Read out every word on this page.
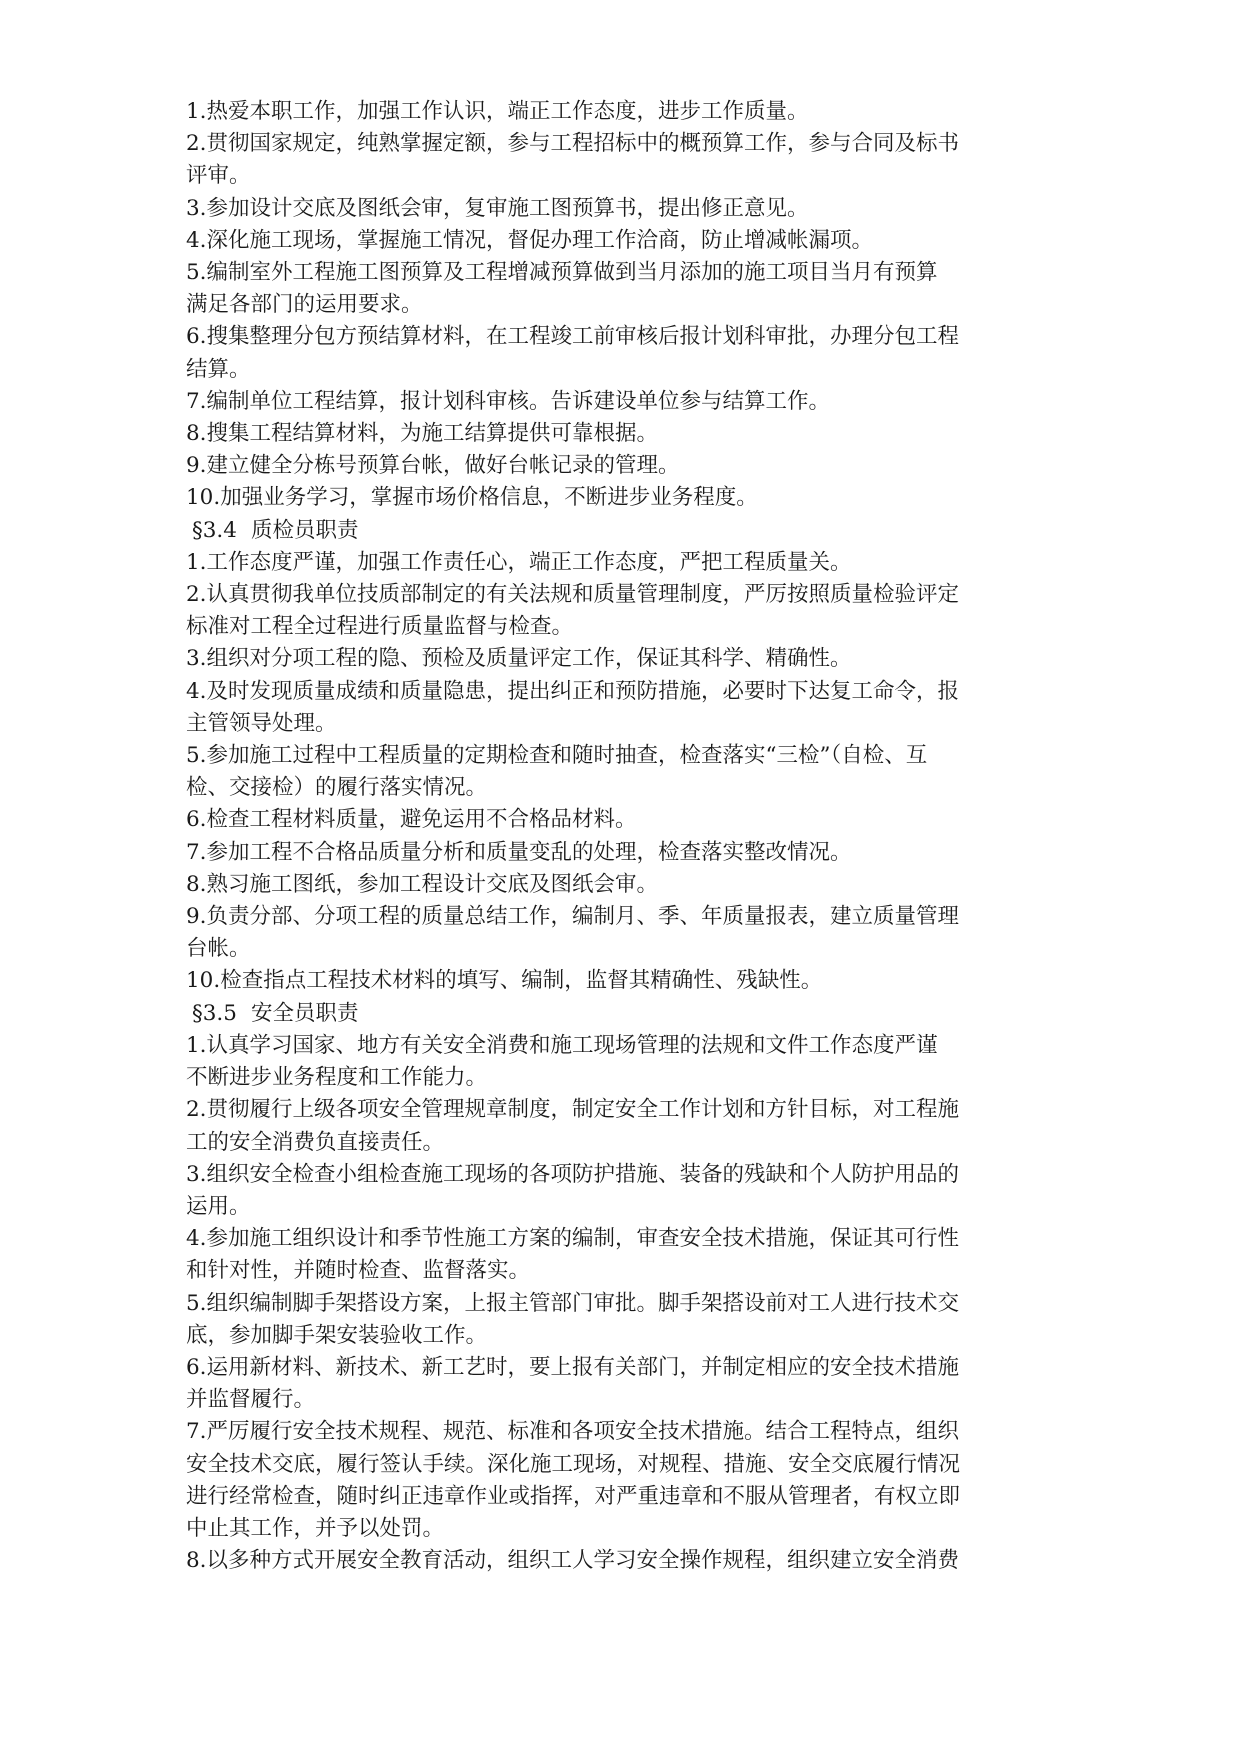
1.热爱本职工作，加强工作认识，端正工作态度，进步工作质量。

2.贯彻国家规定，纯熟掌握定额，参与工程招标中的概预算工作，参与合同及标书

评审。

3.参加设计交底及图纸会审，复审施工图预算书，提出修正意见。

4.深化施工现场，掌握施工情况，督促办理工作洽商，防止增减帐漏项。

5.编制室外工程施工图预算及工程增减预算做到当月添加的施工项目当月有预算

满足各部门的运用要求。

6.搜集整理分包方预结算材料，在工程竣工前审核后报计划科审批，办理分包工程

结算。

7.编制单位工程结算，报计划科审核。告诉建设单位参与结算工作。

8.搜集工程结算材料，为施工结算提供可靠根据。

9.建立健全分栋号预算台帐，做好台帐记录的管理。

10.加强业务学习，掌握市场价格信息，不断进步业务程度。

§3.4 质检员职责

1.工作态度严谨，加强工作责任心，端正工作态度，严把工程质量关。

2.认真贯彻我单位技质部制定的有关法规和质量管理制度，严厉按照质量检验评定

标准对工程全过程进行质量监督与检查。

3.组织对分项工程的隐、预检及质量评定工作，保证其科学、精确性。

4.及时发现质量成绩和质量隐患，提出纠正和预防措施，必要时下达复工命令，报

主管领导处理。

5.参加施工过程中工程质量的定期检查和随时抽查，检查落实“三检”（自检、互

检、交接检）的履行落实情况。

6.检查工程材料质量，避免运用不合格品材料。

7.参加工程不合格品质量分析和质量变乱的处理，检查落实整改情况。

8.熟习施工图纸，参加工程设计交底及图纸会审。

9.负责分部、分项工程的质量总结工作，编制月、季、年质量报表，建立质量管理

台帐。

10.检查指点工程技术材料的填写、编制，监督其精确性、残缺性。

§3.5 安全员职责

1.认真学习国家、地方有关安全消费和施工现场管理的法规和文件工作态度严谨

不断进步业务程度和工作能力。

2.贯彻履行上级各项安全管理规章制度，制定安全工作计划和方针目标，对工程施

工的安全消费负直接责任。

3.组织安全检查小组检查施工现场的各项防护措施、装备的残缺和个人防护用品的

运用。

4.参加施工组织设计和季节性施工方案的编制，审查安全技术措施，保证其可行性

和针对性，并随时检查、监督落实。

5.组织编制脚手架搭设方案，上报主管部门审批。脚手架搭设前对工人进行技术交

底，参加脚手架安装验收工作。

6.运用新材料、新技术、新工艺时，要上报有关部门，并制定相应的安全技术措施

并监督履行。

7.严厉履行安全技术规程、规范、标准和各项安全技术措施。结合工程特点，组织

安全技术交底，履行签认手续。深化施工现场，对规程、措施、安全交底履行情况

进行经常检查，随时纠正违章作业或指挥，对严重违章和不服从管理者，有权立即

中止其工作，并予以处罚。

8.以多种方式开展安全教育活动，组织工人学习安全操作规程，组织建立安全消费
